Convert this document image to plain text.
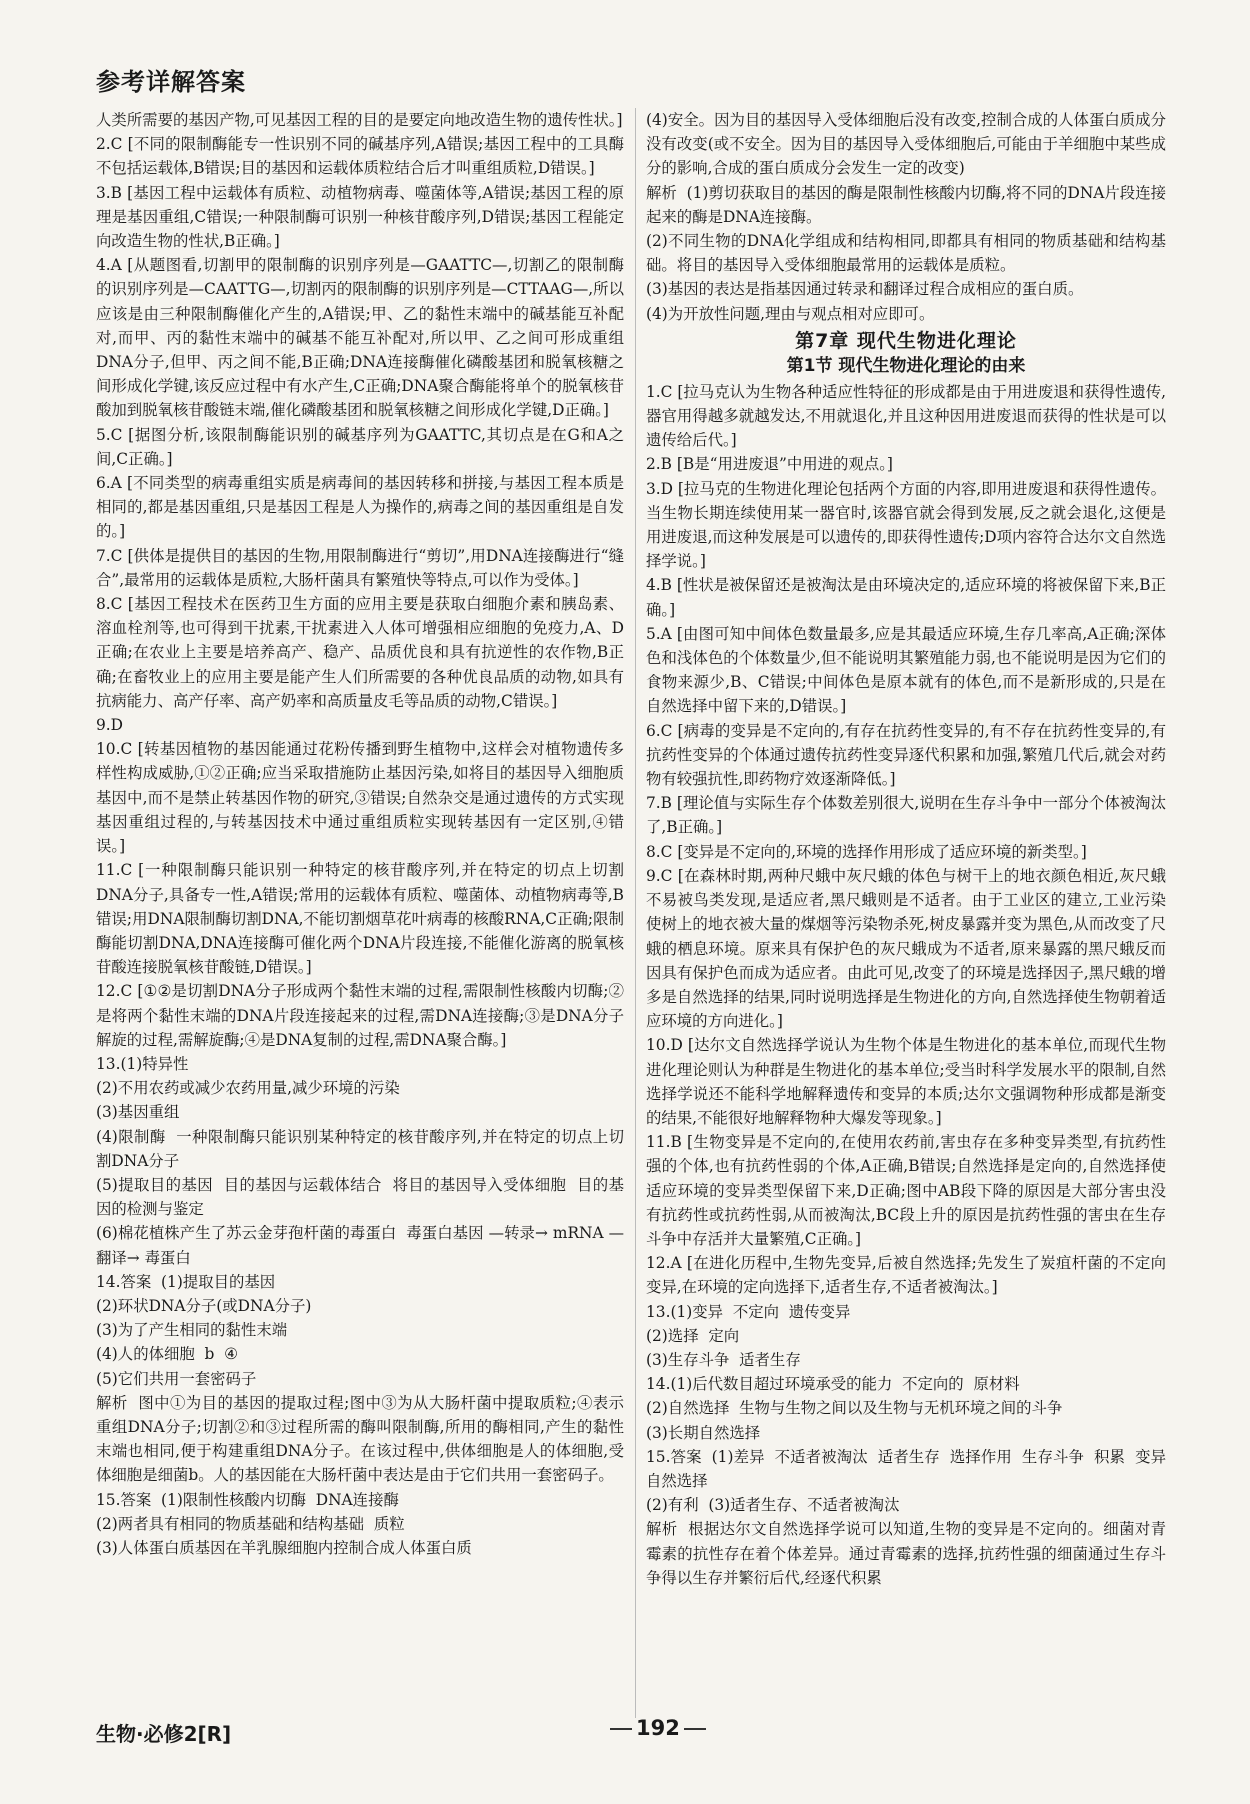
参考详解答案

人类所需要的基因产物,可见基因工程的目的是要定向地改造生物的遗传性状。]

2.C [不同的限制酶能专一性识别不同的碱基序列,A错误;基因工程中的工具酶不包括运载体,B错误;目的基因和运载体质粒结合后才叫重组质粒,D错误。]

3.B [基因工程中运载体有质粒、动植物病毒、噬菌体等,A错误;基因工程的原理是基因重组,C错误;一种限制酶可识别一种核苷酸序列,D错误;基因工程能定向改造生物的性状,B正确。]

4.A [从题图看,切割甲的限制酶的识别序列是—GAATTC—,切割乙的限制酶的识别序列是—CAATTG—,切割丙的限制酶的识别序列是—CTTAAG—,所以应该是由三种限制酶催化产生的,A错误;甲、乙的黏性末端中的碱基能互补配对,而甲、丙的黏性末端中的碱基不能互补配对,所以甲、乙之间可形成重组DNA分子,但甲、丙之间不能,B正确;DNA连接酶催化磷酸基团和脱氧核糖之间形成化学键,该反应过程中有水产生,C正确;DNA聚合酶能将单个的脱氧核苷酸加到脱氧核苷酸链末端,催化磷酸基团和脱氧核糖之间形成化学键,D正确。]

5.C [据图分析,该限制酶能识别的碱基序列为GAATTC,其切点是在G和A之间,C正确。]

6.A [不同类型的病毒重组实质是病毒间的基因转移和拼接,与基因工程本质是相同的,都是基因重组,只是基因工程是人为操作的,病毒之间的基因重组是自发的。]

7.C [供体是提供目的基因的生物,用限制酶进行“剪切”,用DNA连接酶进行“缝合”,最常用的运载体是质粒,大肠杆菌具有繁殖快等特点,可以作为受体。]

8.C [基因工程技术在医药卫生方面的应用主要是获取白细胞介素和胰岛素、溶血栓剂等,也可得到干扰素,干扰素进入人体可增强相应细胞的免疫力,A、D正确;在农业上主要是培养高产、稳产、品质优良和具有抗逆性的农作物,B正确;在畜牧业上的应用主要是能产生人们所需要的各种优良品质的动物,如具有抗病能力、高产仔率、高产奶率和高质量皮毛等品质的动物,C错误。]

9.D

10.C [转基因植物的基因能通过花粉传播到野生植物中,这样会对植物遗传多样性构成威胁,①②正确;应当采取措施防止基因污染,如将目的基因导入细胞质基因中,而不是禁止转基因作物的研究,③错误;自然杂交是通过遗传的方式实现基因重组过程的,与转基因技术中通过重组质粒实现转基因有一定区别,④错误。]

11.C [一种限制酶只能识别一种特定的核苷酸序列,并在特定的切点上切割DNA分子,具备专一性,A错误;常用的运载体有质粒、噬菌体、动植物病毒等,B错误;用DNA限制酶切割DNA,不能切割烟草花叶病毒的核酸RNA,C正确;限制酶能切割DNA,DNA连接酶可催化两个DNA片段连接,不能催化游离的脱氧核苷酸连接脱氧核苷酸链,D错误。]

12.C [①②是切割DNA分子形成两个黏性末端的过程,需限制性核酸内切酶;②是将两个黏性末端的DNA片段连接起来的过程,需DNA连接酶;③是DNA分子解旋的过程,需解旋酶;④是DNA复制的过程,需DNA聚合酶。]

13.(1)特异性

(2)不用农药或减少农药用量,减少环境的污染

(3)基因重组

(4)限制酶  一种限制酶只能识别某种特定的核苷酸序列,并在特定的切点上切割DNA分子

(5)提取目的基因  目的基因与运载体结合  将目的基因导入受体细胞  目的基因的检测与鉴定

(6)棉花植株产生了苏云金芽孢杆菌的毒蛋白  毒蛋白基因 —转录→ mRNA —翻译→ 毒蛋白

14.答案  (1)提取目的基因

(2)环状DNA分子(或DNA分子)

(3)为了产生相同的黏性末端

(4)人的体细胞  b  ④

(5)它们共用一套密码子

解析  图中①为目的基因的提取过程;图中③为从大肠杆菌中提取质粒;④表示重组DNA分子;切割②和③过程所需的酶叫限制酶,所用的酶相同,产生的黏性末端也相同,便于构建重组DNA分子。在该过程中,供体细胞是人的体细胞,受体细胞是细菌b。人的基因能在大肠杆菌中表达是由于它们共用一套密码子。

15.答案  (1)限制性核酸内切酶  DNA连接酶

(2)两者具有相同的物质基础和结构基础  质粒

(3)人体蛋白质基因在羊乳腺细胞内控制合成人体蛋白质

(4)安全。因为目的基因导入受体细胞后没有改变,控制合成的人体蛋白质成分没有改变(或不安全。因为目的基因导入受体细胞后,可能由于羊细胞中某些成分的影响,合成的蛋白质成分会发生一定的改变)

解析  (1)剪切获取目的基因的酶是限制性核酸内切酶,将不同的DNA片段连接起来的酶是DNA连接酶。

(2)不同生物的DNA化学组成和结构相同,即都具有相同的物质基础和结构基础。将目的基因导入受体细胞最常用的运载体是质粒。

(3)基因的表达是指基因通过转录和翻译过程合成相应的蛋白质。

(4)为开放性问题,理由与观点相对应即可。

第7章 现代生物进化理论
第1节 现代生物进化理论的由来

1.C [拉马克认为生物各种适应性特征的形成都是由于用进废退和获得性遗传,器官用得越多就越发达,不用就退化,并且这种因用进废退而获得的性状是可以遗传给后代。]

2.B [B是“用进废退”中用进的观点。]

3.D [拉马克的生物进化理论包括两个方面的内容,即用进废退和获得性遗传。当生物长期连续使用某一器官时,该器官就会得到发展,反之就会退化,这便是用进废退,而这种发展是可以遗传的,即获得性遗传;D项内容符合达尔文自然选择学说。]

4.B [性状是被保留还是被淘汰是由环境决定的,适应环境的将被保留下来,B正确。]

5.A [由图可知中间体色数量最多,应是其最适应环境,生存几率高,A正确;深体色和浅体色的个体数量少,但不能说明其繁殖能力弱,也不能说明是因为它们的食物来源少,B、C错误;中间体色是原本就有的体色,而不是新形成的,只是在自然选择中留下来的,D错误。]

6.C [病毒的变异是不定向的,有存在抗药性变异的,有不存在抗药性变异的,有抗药性变异的个体通过遗传抗药性变异逐代积累和加强,繁殖几代后,就会对药物有较强抗性,即药物疗效逐渐降低。]

7.B [理论值与实际生存个体数差别很大,说明在生存斗争中一部分个体被淘汰了,B正确。]

8.C [变异是不定向的,环境的选择作用形成了适应环境的新类型。]

9.C [在森林时期,两种尺蛾中灰尺蛾的体色与树干上的地衣颜色相近,灰尺蛾不易被鸟类发现,是适应者,黑尺蛾则是不适者。由于工业区的建立,工业污染使树上的地衣被大量的煤烟等污染物杀死,树皮暴露并变为黑色,从而改变了尺蛾的栖息环境。原来具有保护色的灰尺蛾成为不适者,原来暴露的黑尺蛾反而因具有保护色而成为适应者。由此可见,改变了的环境是选择因子,黑尺蛾的增多是自然选择的结果,同时说明选择是生物进化的方向,自然选择使生物朝着适应环境的方向进化。]

10.D [达尔文自然选择学说认为生物个体是生物进化的基本单位,而现代生物进化理论则认为种群是生物进化的基本单位;受当时科学发展水平的限制,自然选择学说还不能科学地解释遗传和变异的本质;达尔文强调物种形成都是渐变的结果,不能很好地解释物种大爆发等现象。]

11.B [生物变异是不定向的,在使用农药前,害虫存在多种变异类型,有抗药性强的个体,也有抗药性弱的个体,A正确,B错误;自然选择是定向的,自然选择使适应环境的变异类型保留下来,D正确;图中AB段下降的原因是大部分害虫没有抗药性或抗药性弱,从而被淘汰,BC段上升的原因是抗药性强的害虫在生存斗争中存活并大量繁殖,C正确。]

12.A [在进化历程中,生物先变异,后被自然选择;先发生了炭疽杆菌的不定向变异,在环境的定向选择下,适者生存,不适者被淘汰。]

13.(1)变异  不定向  遗传变异

(2)选择  定向

(3)生存斗争  适者生存

14.(1)后代数目超过环境承受的能力  不定向的  原材料

(2)自然选择  生物与生物之间以及生物与无机环境之间的斗争

(3)长期自然选择

15.答案  (1)差异  不适者被淘汰  适者生存  选择作用  生存斗争  积累  变异  自然选择

(2)有利  (3)适者生存、不适者被淘汰

解析  根据达尔文自然选择学说可以知道,生物的变异是不定向的。细菌对青霉素的抗性存在着个体差异。通过青霉素的选择,抗药性强的细菌通过生存斗争得以生存并繁衍后代,经逐代积累

生物·必修2[R]	192
